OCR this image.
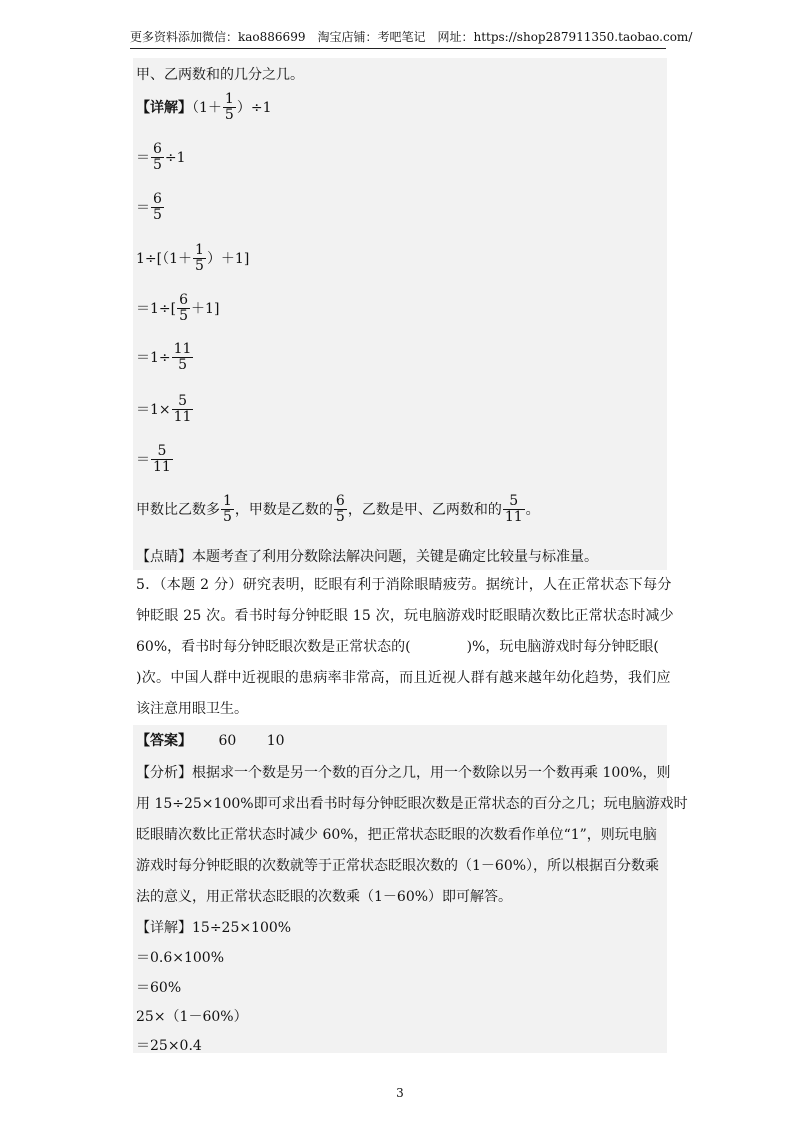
更多资料添加微信：kao886699　淘宝店铺：考吧笔记　网址：https://shop287911350.taobao.com/
甲、乙两数和的几分之几。
【详解】$(1+ \frac{1}{5} )\div 1$
＝ $\frac{6}{5} \div 1$
＝ $\frac{6}{5}$
$1\div[(1+ \frac{1}{5} )+1]$
$=1\div[ \frac{6}{5} +1]$
$=1\div \frac{11}{5}$
$=1\times \frac{5}{11}$
＝ $\frac{5}{11}$
甲数比乙数多 $\frac{1}{5}$ ，甲数是乙数的 $\frac{6}{5}$ ，乙数是甲、乙两数和的 $\frac{5}{11}$ 。
【点睛】本题考查了利用分数除法解决问题，关键是确定比较量与标准量。
5．（本题 2 分）研究表明，眨眼有利于消除眼睛疲劳。据统计，人在正常状态下每分
钟眨眼 25 次。看书时每分钟眨眼 15 次，玩电脑游戏时眨眼睛次数比正常状态时减少
60%，看书时每分钟眨眼次数是正常状态的(　　　　)%，玩电脑游戏时每分钟眨眼(
)次。中国人群中近视眼的患病率非常高，而且近视人群有越来越年幼化趋势，我们应
该注意用眼卫生。
【答案】 60 10
【分析】根据求一个数是另一个数的百分之几，用一个数除以另一个数再乘 100%，则
用 15÷25×100%即可求出看书时每分钟眨眼次数是正常状态的百分之几；玩电脑游戏时
眨眼睛次数比正常状态时减少 60%，把正常状态眨眼的次数看作单位“1”，则玩电脑
游戏时每分钟眨眼的次数就等于正常状态眨眼次数的（1－60%），所以根据百分数乘
法的意义，用正常状态眨眼的次数乘（1－60%）即可解答。
【详解】15÷25×100%
＝0.6×100%
＝60%
25×（1－60%）
＝25×0.4
3
